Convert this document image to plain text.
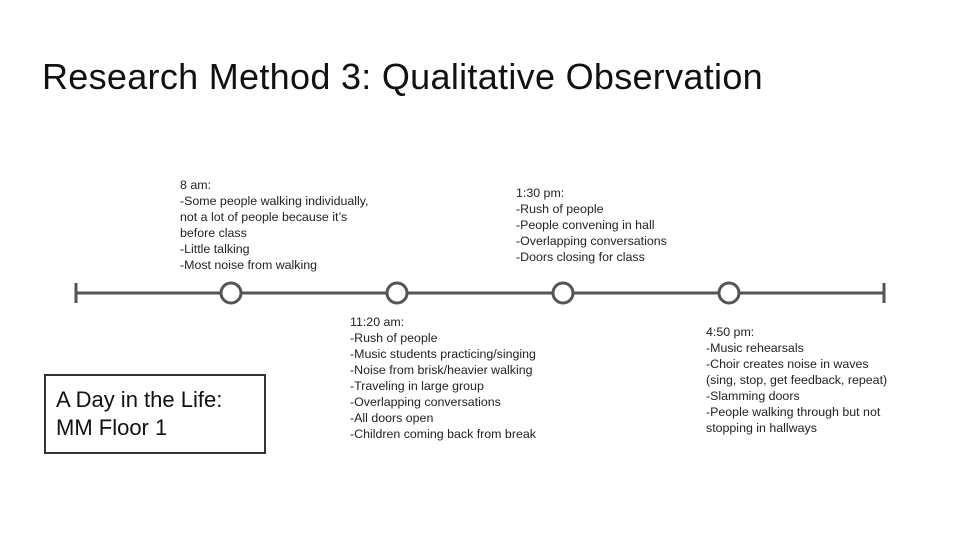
Research Method 3: Qualitative Observation
8 am:
-Some people walking individually,
not a lot of people because it’s
before class
-Little talking
-Most noise from walking
11:20 am:
-Rush of people
-Music students practicing/singing
-Noise from brisk/heavier walking
-Traveling in large group
-Overlapping conversations
-All doors open
-Children coming back from break
1:30 pm:
-Rush of people
-People convening in hall
-Overlapping conversations
-Doors closing for class
4:50 pm:
-Music rehearsals
-Choir creates noise in waves
(sing, stop, get feedback, repeat)
-Slamming doors
-People walking through but not
stopping in hallways
A Day in the Life:
MM Floor 1
